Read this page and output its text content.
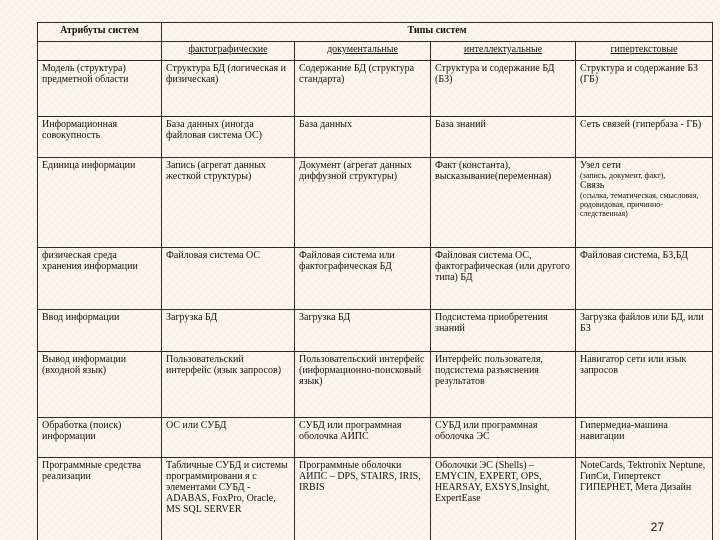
Атрибуты систем	Типы систем			
	фактографические	документальные	интеллектуальные	гипертекстовые
Модель (структура) предметной области	Структура БД (логическая и физическая)	Содержание БД (структура стандарта)	Структура и содержание БД (БЗ)	Структура и содержание БЗ (ГБ)
Информационная совокупность	База данных (иногда файловая система ОС)	База данных	База знаний	Сеть связей (гипербаза - ГБ)
Единица информации	Запись (агрегат данных жесткой структуры)	Документ (агрегат данных диффузной структуры)	Факт (константа), высказывание(переменная)	Узел сети
(запись, документ, факт),
Связь
(ссылка, тематическая, смысловая, родовидовая, причинно-следственная)

физическая среда хранения информации	Файловая система ОС	Файловая система или фактографическая БД	Файловая система ОС, фактографическая (или другого типа) БД	Файловая система, БЗ,БД
Ввод информации	Загрузка БД	Загрузка БД	Подсистема приобретения знаний	Загрузка файлов или БД, или БЗ
Вывод информации (входной язык)	Пользовательский интерфейс (язык запросов)	Пользовательский интерфейс (информационно-поисковый язык)	Интерфейс пользователя, подсистема разъяснения результатов	Навигатор сети или язык запросов
Обработка (поиск) информации	ОС или СУБД	СУБД или программная оболочка АИПС	СУБД или программная оболочка ЭС	Гипермедиа-машина навигации
Программные средства реализации	Табличные СУБД и системы программировани я с элементами СУБД -ADABAS, FoxPro, Oracle, MS SQL SERVER	Программные оболочки АИПС – DPS, STAIRS, IRIS, IRBIS	Оболочки ЭС (Shells) – EMYCIN, EXPERT, OPS, HEARSAY, EXSYS,Insight, ExpertEase	NoteCards, Tektronix Neptune, ГипСи, Гипертекст ГИПЕРНЕТ, Мета Дизайн
27
